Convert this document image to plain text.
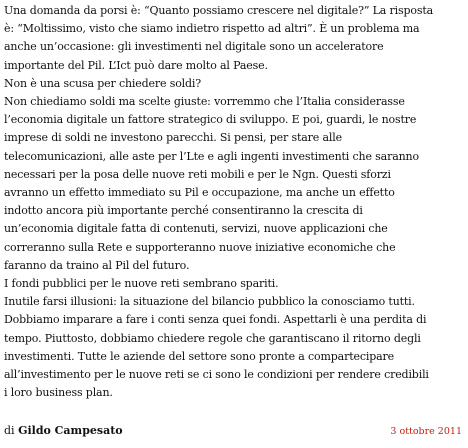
Una domanda da porsi è: “Quanto possiamo crescere nel digitale?” La risposta
è: “Moltissimo, visto che siamo indietro rispetto ad altri”. È un problema ma
anche un’occasione: gli investimenti nel digitale sono un acceleratore
importante del Pil. L’Ict può dare molto al Paese.
Non è una scusa per chiedere soldi?
Non chiediamo soldi ma scelte giuste: vorremmo che l’Italia considerasse
l’economia digitale un fattore strategico di sviluppo. E poi, guardi, le nostre
imprese di soldi ne investono parecchi. Si pensi, per stare alle
telecomunicazioni, alle aste per l’Lte e agli ingenti investimenti che saranno
necessari per la posa delle nuove reti mobili e per le Ngn. Questi sforzi
avranno un effetto immediato su Pil e occupazione, ma anche un effetto
indotto ancora più importante perché consentiranno la crescita di
un’economia digitale fatta di contenuti, servizi, nuove applicazioni che
correranno sulla Rete e supporteranno nuove iniziative economiche che
faranno da traino al Pil del futuro.
I fondi pubblici per le nuove reti sembrano spariti.
Inutile farsi illusioni: la situazione del bilancio pubblico la conosciamo tutti.
Dobbiamo imparare a fare i conti senza quei fondi. Aspettarli è una perdita di
tempo. Piuttosto, dobbiamo chiedere regole che garantiscano il ritorno degli
investimenti. Tutte le aziende del settore sono pronte a compartecipare
all’investimento per le nuove reti se ci sono le condizioni per rendere credibili
i loro business plan.
di Gildo Campesato	3 ottobre 2011
